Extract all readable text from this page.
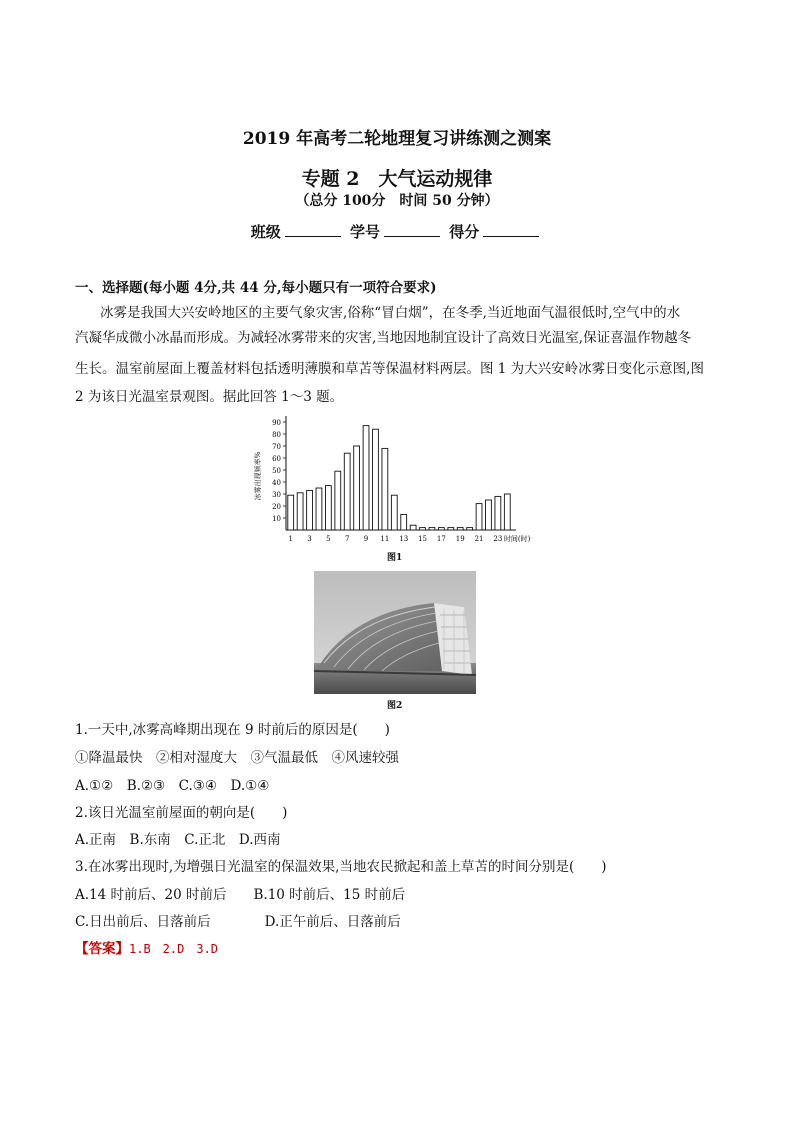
2019 年高考二轮地理复习讲练测之测案
专题 2　大气运动规律
（总分 100分　时间 50 分钟）
班级	学号	得分
一、选择题(每小题 4分,共 44 分,每小题只有一项符合要求)
冰雾是我国大兴安岭地区的主要气象灾害,俗称“冒白烟”，在冬季,当近地面气温很低时,空气中的水
汽凝华成微小冰晶而形成。为减轻冰雾带来的灾害,当地因地制宜设计了高效日光温室,保证喜温作物越冬
生长。温室前屋面上覆盖材料包括透明薄膜和草苫等保温材料两层。图 1 为大兴安岭冰雾日变化示意图,图
2 为该日光温室景观图。据此回答 1～3 题。
10
20
30
40
50
60
70
80
90
1 3 5 7 9 11 13 15 17 19 21 23 时间(时)
冰雾出现频率%
图1
图2
1.一天中,冰雾高峰期出现在 9 时前后的原因是(　　)
①降温最快　②相对湿度大　③气温最低　④风速较强
A.①②　B.②③　C.③④　D.①④
2.该日光温室前屋面的朝向是(　　)
A.正南　B.东南　C.正北　D.西南
3.在冰雾出现时,为增强日光温室的保温效果,当地农民掀起和盖上草苫的时间分别是(　　)
A.14 时前后、20 时前后　　B.10 时前后、15 时前后
C.日出前后、日落前后　　　　D.正午前后、日落前后
【答案】1.B　2.D　3.D
